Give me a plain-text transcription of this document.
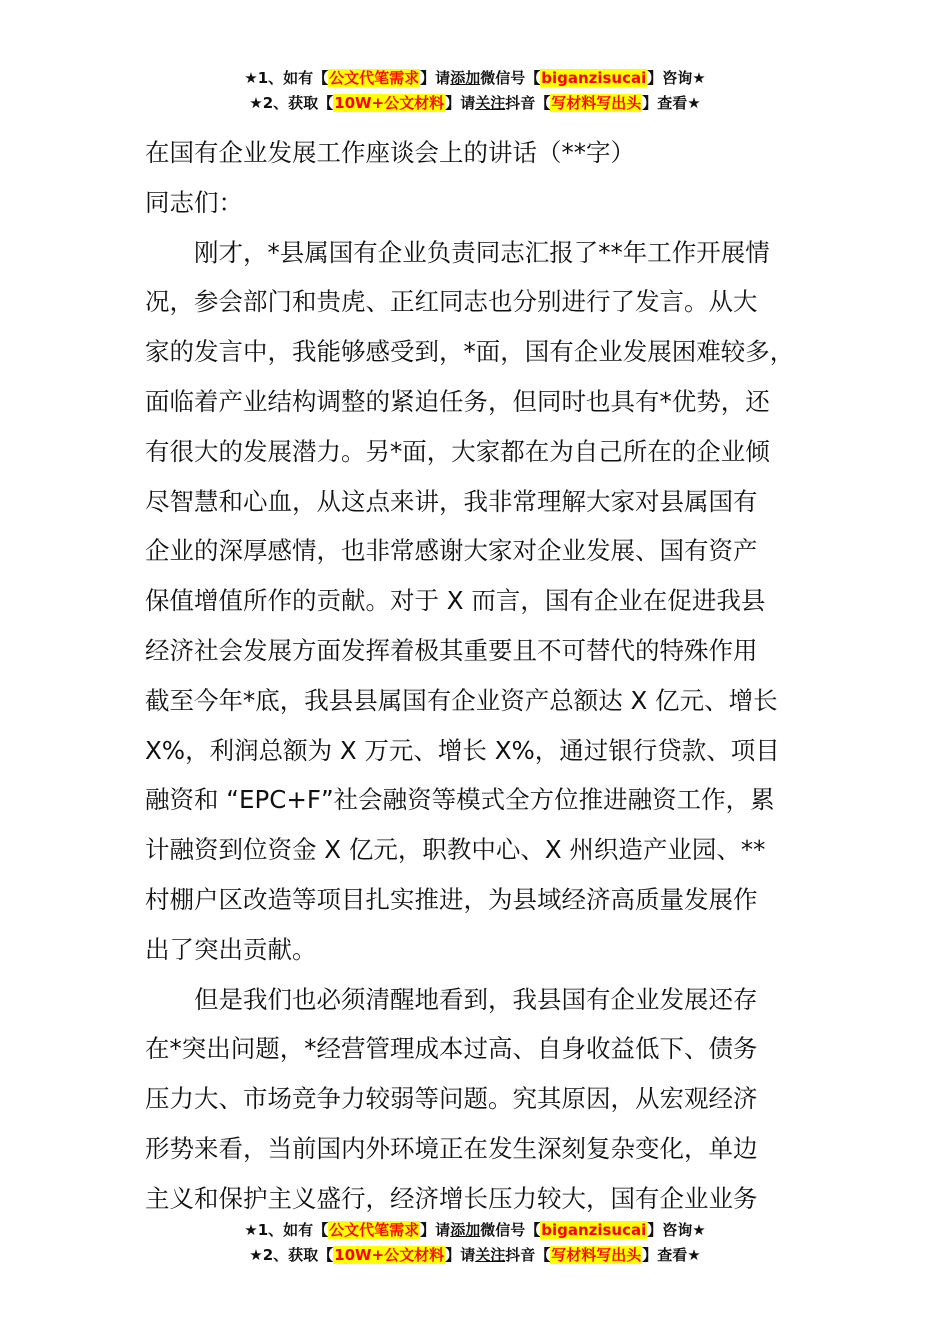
★1、如有【公文代笔需求】请添加微信号【biganzisucai】咨询★
★2、获取【10W+公文材料】请关注抖音【写材料写出头】查看★
在国有企业发展工作座谈会上的讲话（**字）
同志们：
刚才，*县属国有企业负责同志汇报了**年工作开展情
况，参会部门和贵虎、正红同志也分别进行了发言。从大
家的发言中，我能够感受到，*面，国有企业发展困难较多，
面临着产业结构调整的紧迫任务，但同时也具有*优势，还
有很大的发展潜力。另*面，大家都在为自己所在的企业倾
尽智慧和心血，从这点来讲，我非常理解大家对县属国有
企业的深厚感情，也非常感谢大家对企业发展、国有资产
保值增值所作的贡献。对于 X 而言，国有企业在促进我县
经济社会发展方面发挥着极其重要且不可替代的特殊作用
截至今年*底，我县县属国有企业资产总额达 X 亿元、增长
X%，利润总额为 X 万元、增长 X%，通过银行贷款、项目
融资和 “EPC+F”社会融资等模式全方位推进融资工作，累
计融资到位资金 X 亿元，职教中心、X 州织造产业园、**
村棚户区改造等项目扎实推进，为县域经济高质量发展作
出了突出贡献。
但是我们也必须清醒地看到，我县国有企业发展还存
在*突出问题，*经营管理成本过高、自身收益低下、债务
压力大、市场竞争力较弱等问题。究其原因，从宏观经济
形势来看，当前国内外环境正在发生深刻复杂变化，单边
主义和保护主义盛行，经济增长压力较大，国有企业业务
★1、如有【公文代笔需求】请添加微信号【biganzisucai】咨询★
★2、获取【10W+公文材料】请关注抖音【写材料写出头】查看★
